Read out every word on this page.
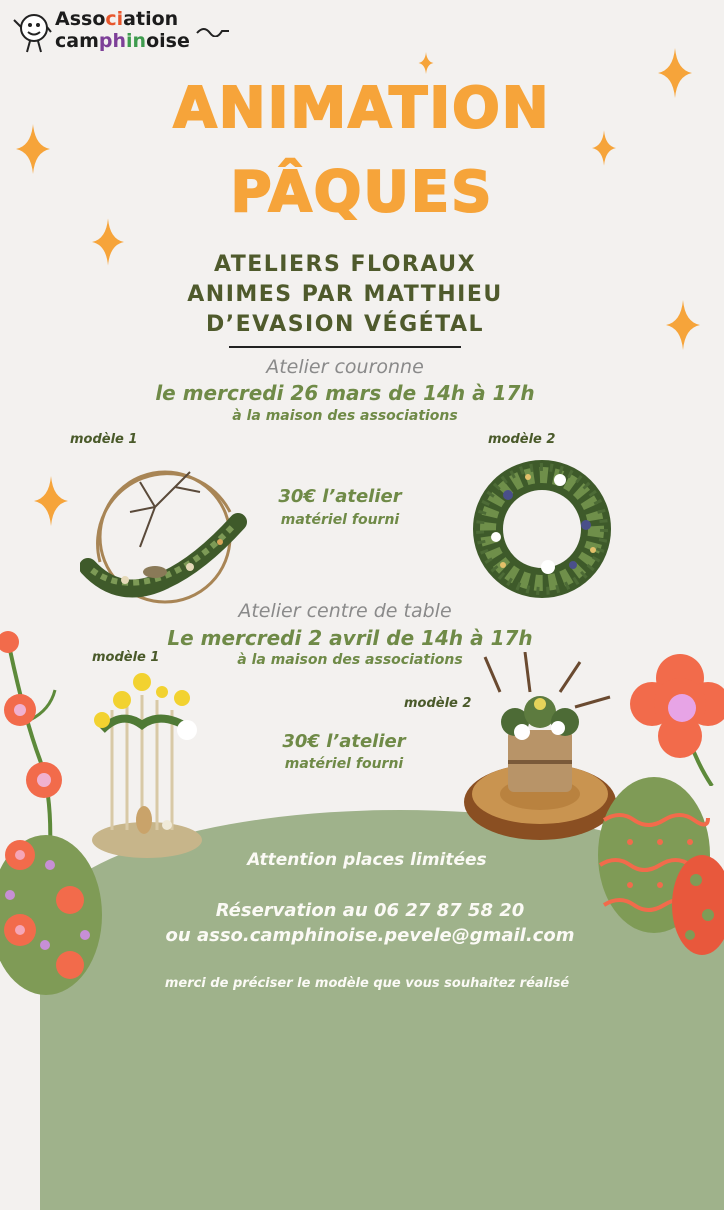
Association
camphinoise
ANIMATION
PÂQUES
ATELIERS FLORAUX
ANIMES PAR MATTHIEU
D’EVASION VÉGÉTAL
Atelier couronne
le mercredi 26 mars de 14h à 17h
à la maison des associations
modèle 1	modèle 2
30€ l’atelier
matériel fourni
Atelier centre de table
Le mercredi 2 avril de 14h à 17h
à la maison des associations
modèle 1
modèle 2
30€ l’atelier
matériel fourni
Attention places limitées
Réservation au 06 27 87 58 20
ou asso.camphinoise.pevele@gmail.com
merci de préciser le modèle que vous souhaitez réalisé
